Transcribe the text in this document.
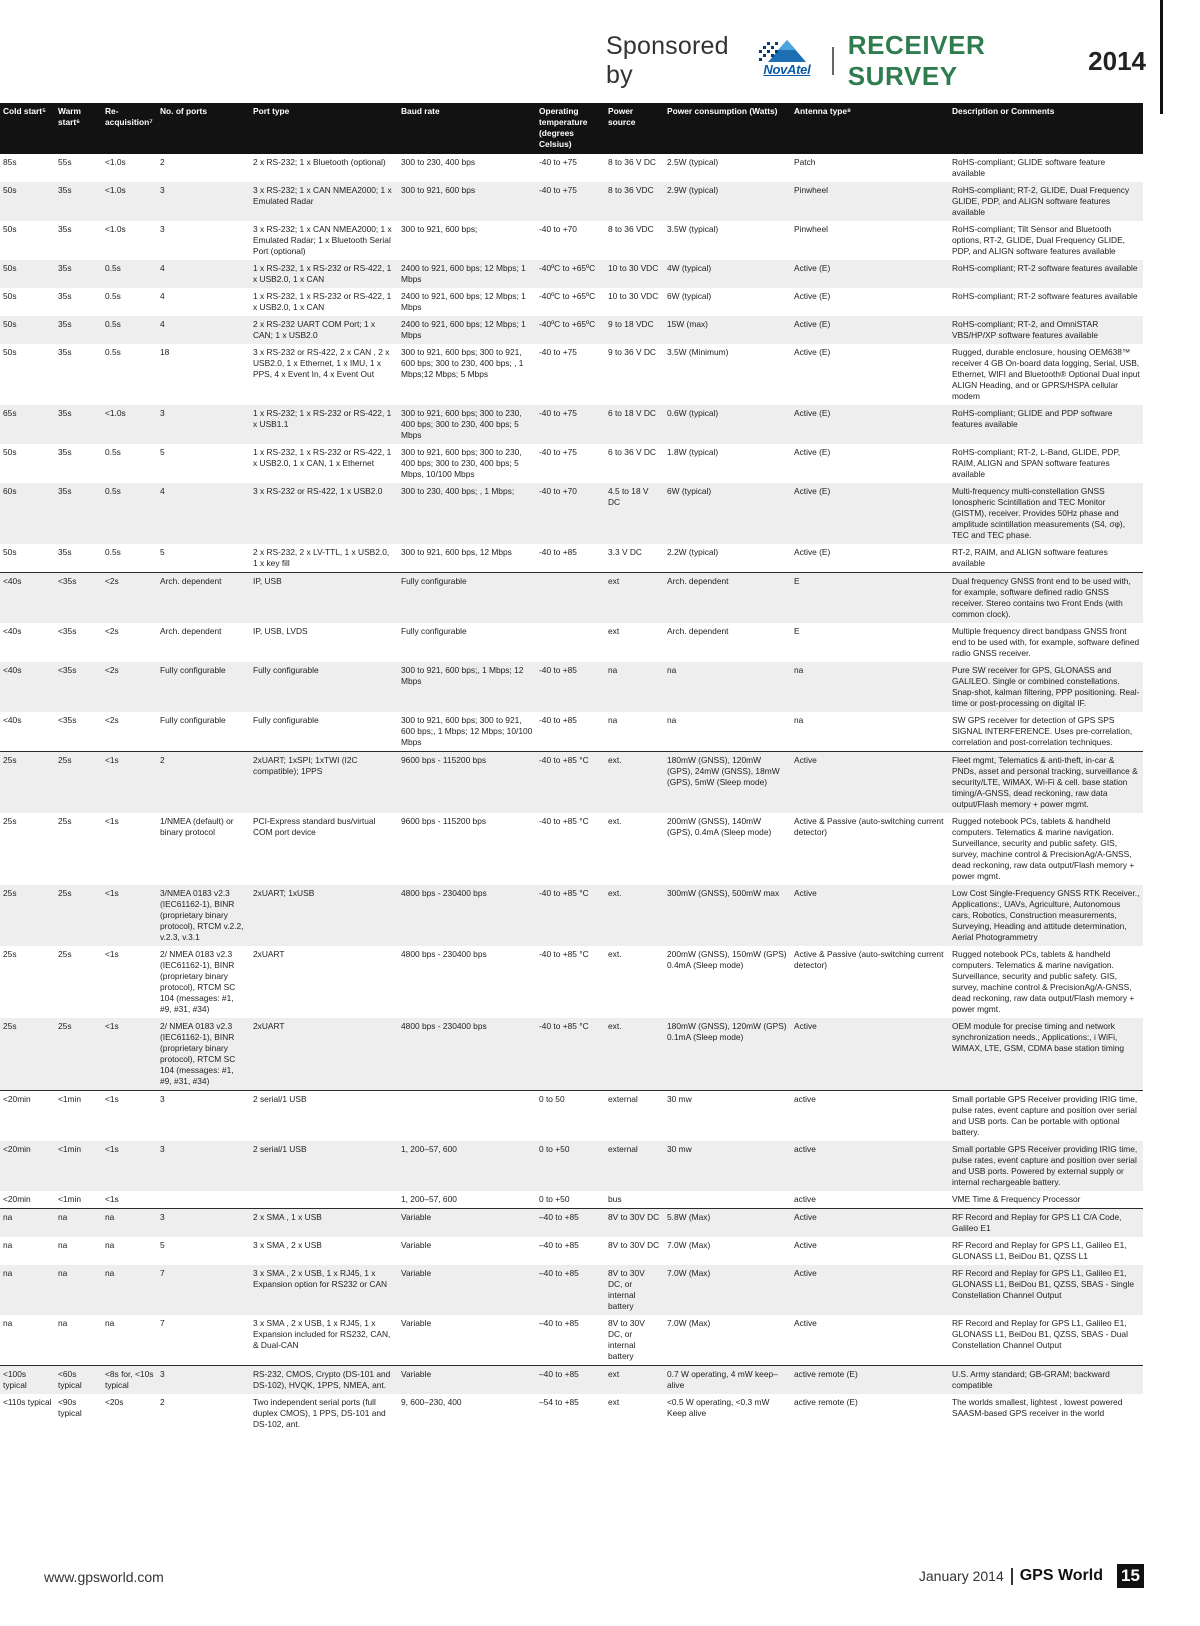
Sponsored by	NovAtel
RECEIVER SURVEY
2014
Cold start⁵	Warm start⁶	Re-acquisition⁷	No. of ports	Port type	Baud rate	Operating temperature (degrees Celsius)	Power source	Power consumption (Watts)	Antenna type⁸	Description or Comments
85s	55s	<1.0s	2	2 x RS-232; 1 x Bluetooth (optional)	300 to 230, 400 bps	-40 to +75	8 to 36 V DC	2.5W (typical)	Patch	RoHS-compliant; GLIDE software feature available
50s	35s	<1.0s	3	3 x RS-232; 1 x CAN NMEA2000; 1 x Emulated Radar	300 to 921, 600 bps	-40 to +75	8 to 36 VDC	2.9W (typical)	Pinwheel	RoHS-compliant; RT-2, GLIDE, Dual Frequency GLIDE, PDP, and ALIGN software features available
50s	35s	<1.0s	3	3 x RS-232; 1 x CAN NMEA2000; 1 x Emulated Radar; 1 x Bluetooth Serial Port (optional)	300 to 921, 600 bps;	-40 to +70	8 to 36 VDC	3.5W (typical)	Pinwheel	RoHS-compliant; Tilt Sensor and Bluetooth options, RT-2, GLIDE, Dual Frequency GLIDE, PDP, and ALIGN software features available
50s	35s	0.5s	4	1 x RS-232, 1 x RS-232 or RS-422, 1 x USB2.0, 1 x CAN	2400 to 921, 600 bps; 12 Mbps; 1 Mbps	-40ºC to +65ºC	10 to 30 VDC	4W (typical)	Active (E)	RoHS-compliant; RT-2 software features available
50s	35s	0.5s	4	1 x RS-232, 1 x RS-232 or RS-422, 1 x USB2.0, 1 x CAN	2400 to 921, 600 bps; 12 Mbps; 1 Mbps	-40ºC to +65ºC	10 to 30 VDC	6W (typical)	Active (E)	RoHS-compliant; RT-2 software features available
50s	35s	0.5s	4	2 x RS-232 UART COM Port; 1 x CAN; 1 x USB2.0	2400 to 921, 600 bps; 12 Mbps; 1 Mbps	-40ºC to +65ºC	9 to 18 VDC	15W (max)	Active (E)	RoHS-compliant; RT-2, and OmniSTAR VBS/HP/XP software features available
50s	35s	0.5s	18	3 x RS-232 or RS-422, 2 x CAN , 2 x USB2.0, 1 x Ethernet, 1 x IMU, 1 x PPS, 4 x Event In, 4 x Event Out	300 to 921, 600 bps; 300 to 921, 600 bps; 300 to 230, 400 bps; , 1 Mbps;12 Mbps; 5 Mbps	-40 to +75	9 to 36 V DC	3.5W (Minimum)	Active (E)	Rugged, durable enclosure, housing OEM638™ receiver 4 GB On-board data logging, Serial, USB, Ethernet, WIFI and Bluetooth® Optional Dual input ALIGN Heading, and or GPRS/HSPA cellular modem
65s	35s	<1.0s	3	1 x RS-232; 1 x RS-232 or RS-422, 1 x USB1.1	300 to 921, 600 bps; 300 to 230, 400 bps; 300 to 230, 400 bps; 5 Mbps	-40 to +75	6 to 18 V DC	0.6W (typical)	Active (E)	RoHS-compliant; GLIDE and PDP software features available
50s	35s	0.5s	5	1 x RS-232, 1 x RS-232 or RS-422, 1 x USB2.0, 1 x CAN, 1 x Ethernet	300 to 921, 600 bps; 300 to 230, 400 bps; 300 to 230, 400 bps; 5 Mbps, 10/100 Mbps	-40 to +75	6 to 36 V DC	1.8W (typical)	Active (E)	RoHS-compliant; RT-2, L-Band, GLIDE, PDP, RAIM, ALIGN and SPAN software features available
60s	35s	0.5s	4	3 x RS-232 or RS-422, 1 x USB2.0	300 to 230, 400 bps; , 1 Mbps;	-40 to +70	4.5 to 18 V DC	6W (typical)	Active (E)	Multi-frequency multi-constellation GNSS Ionospheric Scintillation and TEC Monitor (GISTM), receiver. Provides 50Hz phase and amplitude scintillation measurements (S4, σφ), TEC and TEC phase.
50s	35s	0.5s	5	2 x RS-232, 2 x LV-TTL, 1 x USB2.0, 1 x key fill	300 to 921, 600 bps, 12 Mbps	-40 to +85	3.3 V DC	2.2W (typical)	Active (E)	RT-2, RAIM, and ALIGN software features available
<40s	<35s	<2s	Arch. dependent	IP, USB	Fully configurable		ext	Arch. dependent	E	Dual frequency GNSS front end to be used with, for example, software defined radio GNSS receiver. Stereo contains two Front Ends (with common clock).
<40s	<35s	<2s	Arch. dependent	IP, USB, LVDS	Fully configurable		ext	Arch. dependent	E	Multiple frequency direct bandpass GNSS front end to be used with, for example, software defined radio GNSS receiver.
<40s	<35s	<2s	Fully configurable	Fully configurable	300 to 921, 600 bps;, 1 Mbps; 12 Mbps	-40 to +85	na	na	na	Pure SW receiver for GPS, GLONASS and GALILEO. Single or combined constellations. Snap-shot, kalman filtering, PPP positioning. Real-time or post-processing on digital IF.
<40s	<35s	<2s	Fully configurable	Fully configurable	300 to 921, 600 bps; 300 to 921, 600 bps;, 1 Mbps; 12 Mbps; 10/100 Mbps	-40 to +85	na	na	na	SW GPS receiver for detection of GPS SPS SIGNAL INTERFERENCE. Uses pre-correlation, correlation and post-correlation techniques.
25s	25s	<1s	2	2xUART; 1xSPI; 1xTWI (I2C compatible); 1PPS	9600 bps - 115200 bps	-40 to +85 °C	ext.	180mW (GNSS), 120mW (GPS), 24mW (GNSS), 18mW (GPS), 5mW (Sleep mode)	Active	Fleet mgmt, Telematics & anti-theft, in-car & PNDs, asset and personal tracking, surveillance & security/LTE, WiMAX, Wi-Fi & cell. base station timing/A-GNSS, dead reckoning, raw data output/Flash memory + power mgmt.
25s	25s	<1s	1/NMEA (default) or binary protocol	PCI-Express standard bus/virtual COM port device	9600 bps - 115200 bps	-40 to +85 °C	ext.	200mW (GNSS), 140mW (GPS), 0.4mA (Sleep mode)	Active & Passive (auto-switching current detector)	Rugged notebook PCs, tablets & handheld computers. Telematics & marine navigation. Surveillance, security and public safety. GIS, survey, machine control & PrecisionAg/A-GNSS, dead reckoning, raw data output/Flash memory + power mgmt.
25s	25s	<1s	3/NMEA 0183 v2.3 (IEC61162-1), BINR (proprietary binary protocol), RTCM v.2.2, v.2.3, v.3.1	2xUART; 1xUSB	4800 bps - 230400 bps	-40 to +85 °C	ext.	300mW (GNSS), 500mW max	Active	Low Cost Single-Frequency GNSS RTK Receiver., Applications:, UAVs, Agriculture, Autonomous cars, Robotics, Construction measurements, Surveying, Heading and attitude determination, Aerial Photogrammetry
25s	25s	<1s	2/ NMEA 0183 v2.3 (IEC61162-1), BINR (proprietary binary protocol), RTCM SC 104 (messages: #1, #9, #31, #34)	2xUART	4800 bps - 230400 bps	-40 to +85 °C	ext.	200mW (GNSS), 150mW (GPS) 0.4mA (Sleep mode)	Active & Passive (auto-switching current detector)	Rugged notebook PCs, tablets & handheld computers. Telematics & marine navigation. Surveillance, security and public safety. GIS, survey, machine control & PrecisionAg/A-GNSS, dead reckoning, raw data output/Flash memory + power mgmt.
25s	25s	<1s	2/ NMEA 0183 v2.3 (IEC61162-1), BINR (proprietary binary protocol), RTCM SC 104 (messages: #1, #9, #31, #34)	2xUART	4800 bps - 230400 bps	-40 to +85 °C	ext.	180mW (GNSS), 120mW (GPS) 0.1mA (Sleep mode)	Active	OEM module for precise timing and network synchronization needs., Applications:, i WiFi, WiMAX, LTE, GSM, CDMA base station timing
<20min	<1min	<1s	3	2 serial/1 USB		0 to 50	external	30 mw	active	Small portable GPS Receiver providing IRIG time, pulse rates, event capture and position over serial and USB ports. Can be portable with optional battery.
<20min	<1min	<1s	3	2 serial/1 USB	1, 200–57, 600	0 to +50	external	30 mw	active	Small portable GPS Receiver providing IRIG time, pulse rates, event capture and position over serial and USB ports. Powered by external supply or internal rechargeable battery.
<20min	<1min	<1s			1, 200–57, 600	0 to +50	bus		active	VME Time & Frequency Processor
na	na	na	3	2 x SMA , 1 x USB	Variable	–40 to +85	8V to 30V DC	5.8W (Max)	Active	RF Record and Replay for GPS L1 C/A Code, Galileo E1
na	na	na	5	3 x SMA , 2 x USB	Variable	–40 to +85	8V to 30V DC	7.0W (Max)	Active	RF Record and Replay for GPS L1, Galileo E1, GLONASS L1, BeiDou B1, QZSS L1
na	na	na	7	3 x SMA , 2 x USB, 1 x RJ45, 1 x Expansion option for RS232 or CAN	Variable	–40 to +85	8V to 30V DC, or internal battery	7.0W (Max)	Active	RF Record and Replay for GPS L1, Galileo E1, GLONASS L1, BeiDou B1, QZSS, SBAS - Single Constellation Channel Output
na	na	na	7	3 x SMA , 2 x USB, 1 x RJ45, 1 x Expansion included for RS232, CAN, & Dual-CAN	Variable	–40 to +85	8V to 30V DC, or internal battery	7.0W (Max)	Active	RF Record and Replay for GPS L1, Galileo E1, GLONASS L1, BeiDou B1, QZSS, SBAS - Dual Constellation Channel Output
<100s typical	<60s typical	<8s for, <10s typical	3	RS-232, CMOS, Crypto (DS-101 and DS-102), HVQK, 1PPS, NMEA, ant.	Variable	–40 to +85	ext	0.7 W operating, 4 mW keep–alive	active remote (E)	U.S. Army standard; GB-GRAM; backward compatible
<110s typical	<90s typical	<20s	2	Two independent serial ports (full duplex CMOS), 1 PPS, DS-101 and DS-102, ant.	9, 600–230, 400	–54 to +85	ext	<0.5 W operating, <0.3 mW Keep alive	active remote (E)	The worlds smallest, lightest , lowest powered SAASM-based GPS receiver in the world
www.gpsworld.com	January 2014 GPS World 15
